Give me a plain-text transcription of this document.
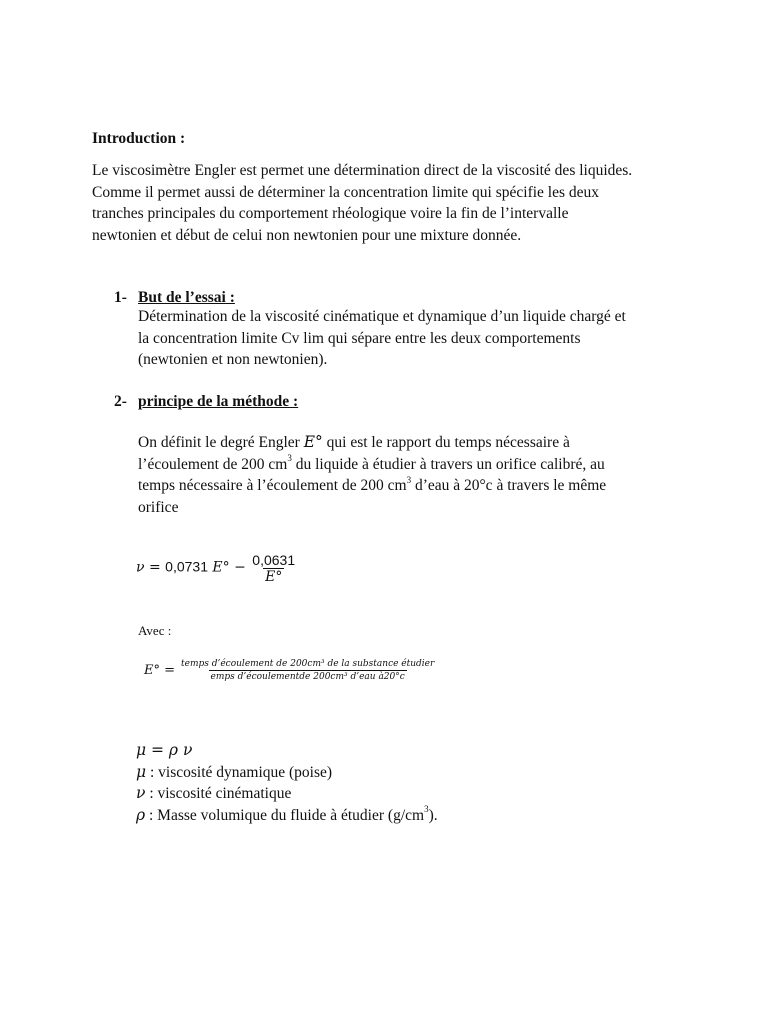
Introduction :
Le viscosimètre Engler est permet une détermination direct de la viscosité des liquides.
Comme il permet aussi de déterminer la concentration limite qui spécifie les deux
tranches principales du comportement rhéologique voire la fin de l’intervalle
newtonien et début de celui non newtonien pour une mixture donnée.
1- But de l’essai :
Détermination de la viscosité cinématique et dynamique d’un liquide chargé et
la concentration limite Cv lim qui sépare entre les deux comportements
(newtonien et non newtonien).
2- principe de la méthode :
On définit le degré Engler E° qui est le rapport du temps nécessaire à
l’écoulement de 200 $cm^3$ du liquide à étudier à travers un orifice calibré, au
temps nécessaire à l’écoulement de 200 $cm^3$ d’eau à 20°c à travers le même
orifice
ν = 0,0731 $E^\circ - \frac{0,0631}{E^\circ}$
Avec :
$E^\circ = \frac{\text{temps d’écoulement de 200cm³ de la substance étudier}}{\text{emps d’écoulementde 200cm³ d’eau à20°c}}$
μ = ρ ν
μ : viscosité dynamique (poise)
ν : viscosité cinématique
ρ : Masse volumique du fluide à étudier $(g/cm^3)$.
